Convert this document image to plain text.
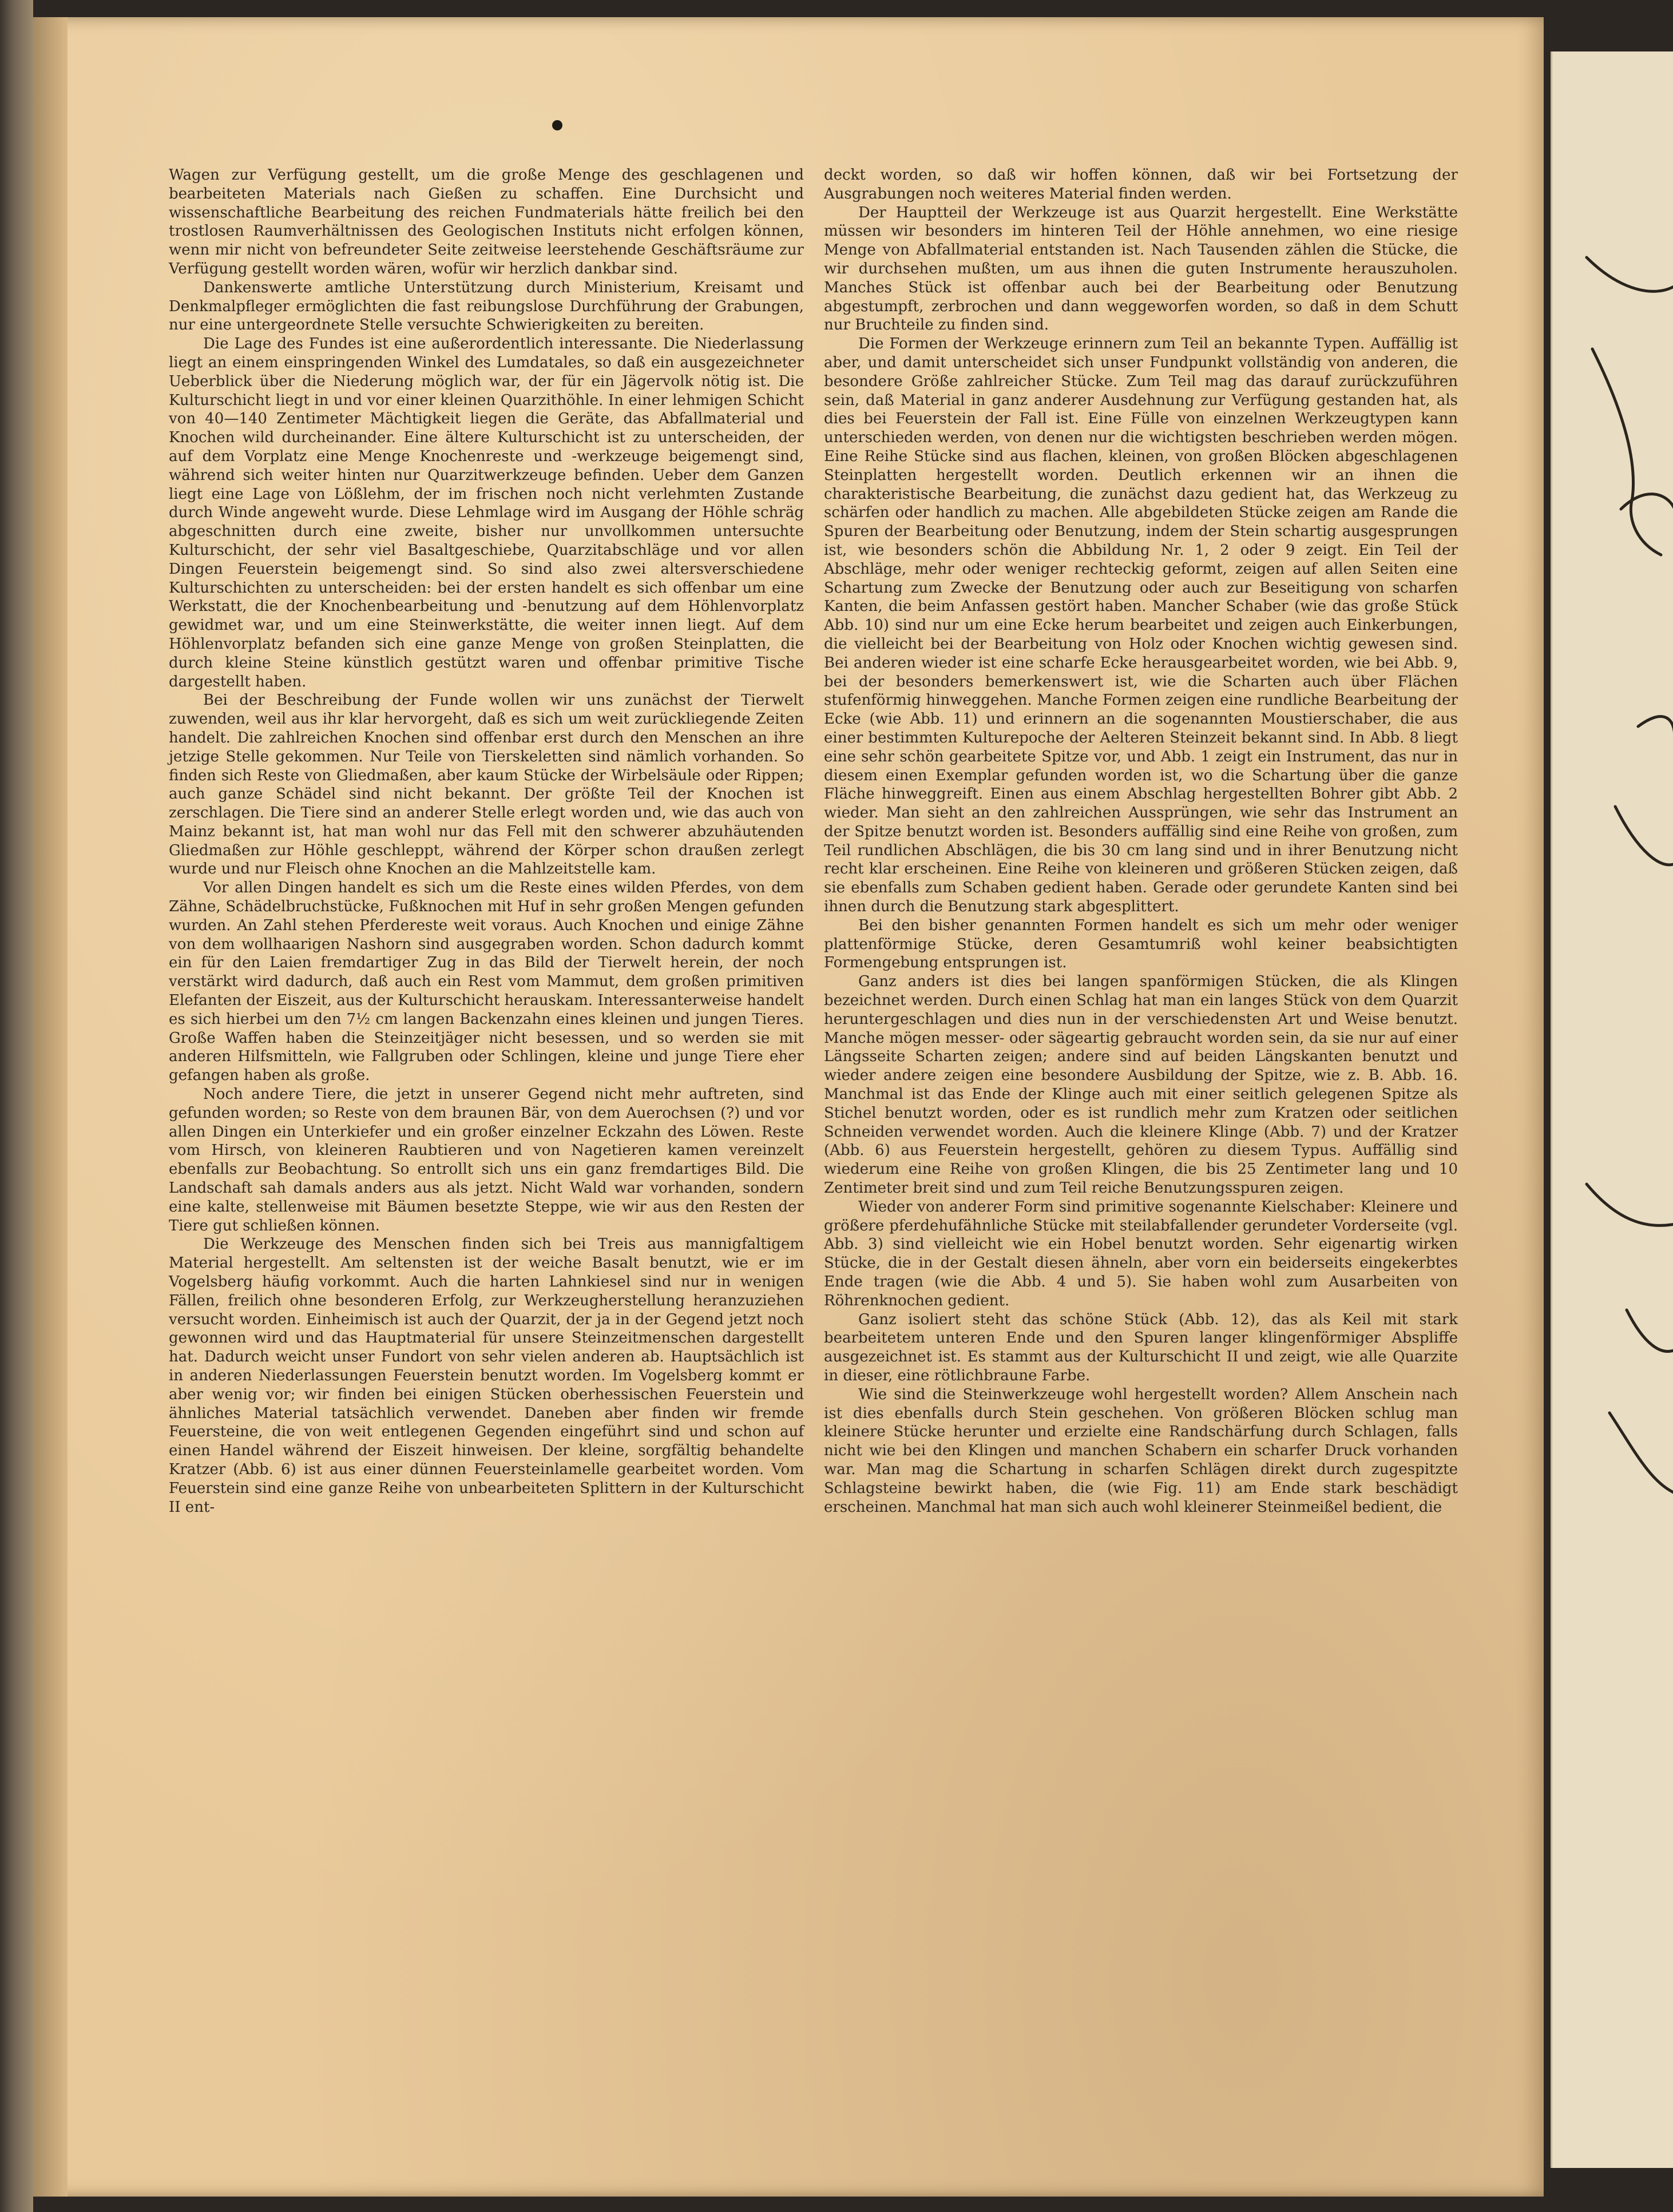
Wagen zur Verfügung gestellt, um die große Menge des geschlagenen und bearbeiteten Materials nach Gießen zu schaffen. Eine Durchsicht und wissenschaftliche Bearbeitung des reichen Fundmaterials hätte freilich bei den trostlosen Raumverhältnissen des Geologischen Instituts nicht erfolgen können, wenn mir nicht von befreundeter Seite zeitweise leerstehende Geschäftsräume zur Verfügung gestellt worden wären, wofür wir herzlich dankbar sind.

Dankenswerte amtliche Unterstützung durch Ministerium, Kreisamt und Denkmalpfleger ermöglichten die fast reibungslose Durchführung der Grabungen, nur eine untergeordnete Stelle versuchte Schwierigkeiten zu bereiten.

Die Lage des Fundes ist eine außerordentlich interessante. Die Niederlassung liegt an einem einspringenden Winkel des Lumdatales, so daß ein ausgezeichneter Ueberblick über die Niederung möglich war, der für ein Jägervolk nötig ist. Die Kulturschicht liegt in und vor einer kleinen Quarzithöhle. In einer lehmigen Schicht von 40—140 Zentimeter Mächtigkeit liegen die Geräte, das Abfallmaterial und Knochen wild durcheinander. Eine ältere Kulturschicht ist zu unterscheiden, der auf dem Vorplatz eine Menge Knochenreste und -werkzeuge beigemengt sind, während sich weiter hinten nur Quarzitwerkzeuge befinden. Ueber dem Ganzen liegt eine Lage von Lößlehm, der im frischen noch nicht verlehmten Zustande durch Winde angeweht wurde. Diese Lehmlage wird im Ausgang der Höhle schräg abgeschnitten durch eine zweite, bisher nur unvollkommen untersuchte Kulturschicht, der sehr viel Basaltgeschiebe, Quarzitabschläge und vor allen Dingen Feuerstein beigemengt sind. So sind also zwei altersverschiedene Kulturschichten zu unterscheiden: bei der ersten handelt es sich offenbar um eine Werkstatt, die der Knochenbearbeitung und -benutzung auf dem Höhlenvorplatz gewidmet war, und um eine Steinwerkstätte, die weiter innen liegt. Auf dem Höhlenvorplatz befanden sich eine ganze Menge von großen Steinplatten, die durch kleine Steine künstlich gestützt waren und offenbar primitive Tische dargestellt haben.

Bei der Beschreibung der Funde wollen wir uns zunächst der Tierwelt zuwenden, weil aus ihr klar hervorgeht, daß es sich um weit zurückliegende Zeiten handelt. Die zahlreichen Knochen sind offenbar erst durch den Menschen an ihre jetzige Stelle gekommen. Nur Teile von Tierskeletten sind nämlich vorhanden. So finden sich Reste von Gliedmaßen, aber kaum Stücke der Wirbelsäule oder Rippen; auch ganze Schädel sind nicht bekannt. Der größte Teil der Knochen ist zerschlagen. Die Tiere sind an anderer Stelle erlegt worden und, wie das auch von Mainz bekannt ist, hat man wohl nur das Fell mit den schwerer abzuhäutenden Gliedmaßen zur Höhle geschleppt, während der Körper schon draußen zerlegt wurde und nur Fleisch ohne Knochen an die Mahlzeitstelle kam.

Vor allen Dingen handelt es sich um die Reste eines wilden Pferdes, von dem Zähne, Schädelbruchstücke, Fußknochen mit Huf in sehr großen Mengen gefunden wurden. An Zahl stehen Pferdereste weit voraus. Auch Knochen und einige Zähne von dem wollhaarigen Nashorn sind ausgegraben worden. Schon dadurch kommt ein für den Laien fremdartiger Zug in das Bild der Tierwelt herein, der noch verstärkt wird dadurch, daß auch ein Rest vom Mammut, dem großen primitiven Elefanten der Eiszeit, aus der Kulturschicht herauskam. Interessanterweise handelt es sich hierbei um den 7½ cm langen Backenzahn eines kleinen und jungen Tieres. Große Waffen haben die Steinzeitjäger nicht besessen, und so werden sie mit anderen Hilfsmitteln, wie Fallgruben oder Schlingen, kleine und junge Tiere eher gefangen haben als große.

Noch andere Tiere, die jetzt in unserer Gegend nicht mehr auftreten, sind gefunden worden; so Reste von dem braunen Bär, von dem Auerochsen (?) und vor allen Dingen ein Unterkiefer und ein großer einzelner Eckzahn des Löwen. Reste vom Hirsch, von kleineren Raubtieren und von Nagetieren kamen vereinzelt ebenfalls zur Beobachtung. So entrollt sich uns ein ganz fremdartiges Bild. Die Landschaft sah damals anders aus als jetzt. Nicht Wald war vorhanden, sondern eine kalte, stellenweise mit Bäumen besetzte Steppe, wie wir aus den Resten der Tiere gut schließen können.

Die Werkzeuge des Menschen finden sich bei Treis aus mannigfaltigem Material hergestellt. Am seltensten ist der weiche Basalt benutzt, wie er im Vogelsberg häufig vorkommt. Auch die harten Lahnkiesel sind nur in wenigen Fällen, freilich ohne besonderen Erfolg, zur Werkzeugherstellung heranzuziehen versucht worden. Einheimisch ist auch der Quarzit, der ja in der Gegend jetzt noch gewonnen wird und das Hauptmaterial für unsere Steinzeitmenschen dargestellt hat. Dadurch weicht unser Fundort von sehr vielen anderen ab. Hauptsächlich ist in anderen Niederlassungen Feuerstein benutzt worden. Im Vogelsberg kommt er aber wenig vor; wir finden bei einigen Stücken oberhessischen Feuerstein und ähnliches Material tatsächlich verwendet. Daneben aber finden wir fremde Feuersteine, die von weit entlegenen Gegenden eingeführt sind und schon auf einen Handel während der Eiszeit hinweisen. Der kleine, sorgfältig behandelte Kratzer (Abb. 6) ist aus einer dünnen Feuersteinlamelle gearbeitet worden. Vom Feuerstein sind eine ganze Reihe von unbearbeiteten Splittern in der Kulturschicht II ent-

deckt worden, so daß wir hoffen können, daß wir bei Fortsetzung der Ausgrabungen noch weiteres Material finden werden.

Der Hauptteil der Werkzeuge ist aus Quarzit hergestellt. Eine Werkstätte müssen wir besonders im hinteren Teil der Höhle annehmen, wo eine riesige Menge von Abfallmaterial entstanden ist. Nach Tausenden zählen die Stücke, die wir durchsehen mußten, um aus ihnen die guten Instrumente herauszuholen. Manches Stück ist offenbar auch bei der Bearbeitung oder Benutzung abgestumpft, zerbrochen und dann weggeworfen worden, so daß in dem Schutt nur Bruchteile zu finden sind.

Die Formen der Werkzeuge erinnern zum Teil an bekannte Typen. Auffällig ist aber, und damit unterscheidet sich unser Fundpunkt vollständig von anderen, die besondere Größe zahlreicher Stücke. Zum Teil mag das darauf zurückzuführen sein, daß Material in ganz anderer Ausdehnung zur Verfügung gestanden hat, als dies bei Feuerstein der Fall ist. Eine Fülle von einzelnen Werkzeugtypen kann unterschieden werden, von denen nur die wichtigsten beschrieben werden mögen. Eine Reihe Stücke sind aus flachen, kleinen, von großen Blöcken abgeschlagenen Steinplatten hergestellt worden. Deutlich erkennen wir an ihnen die charakteristische Bearbeitung, die zunächst dazu gedient hat, das Werkzeug zu schärfen oder handlich zu machen. Alle abgebildeten Stücke zeigen am Rande die Spuren der Bearbeitung oder Benutzung, indem der Stein schartig ausgesprungen ist, wie besonders schön die Abbildung Nr. 1, 2 oder 9 zeigt. Ein Teil der Abschläge, mehr oder weniger rechteckig geformt, zeigen auf allen Seiten eine Schartung zum Zwecke der Benutzung oder auch zur Beseitigung von scharfen Kanten, die beim Anfassen gestört haben. Mancher Schaber (wie das große Stück Abb. 10) sind nur um eine Ecke herum bearbeitet und zeigen auch Einkerbungen, die vielleicht bei der Bearbeitung von Holz oder Knochen wichtig gewesen sind. Bei anderen wieder ist eine scharfe Ecke herausgearbeitet worden, wie bei Abb. 9, bei der besonders bemerkenswert ist, wie die Scharten auch über Flächen stufenförmig hinweggehen. Manche Formen zeigen eine rundliche Bearbeitung der Ecke (wie Abb. 11) und erinnern an die sogenannten Moustierschaber, die aus einer bestimmten Kulturepoche der Aelteren Steinzeit bekannt sind. In Abb. 8 liegt eine sehr schön gearbeitete Spitze vor, und Abb. 1 zeigt ein Instrument, das nur in diesem einen Exemplar gefunden worden ist, wo die Schartung über die ganze Fläche hinweggreift. Einen aus einem Abschlag hergestellten Bohrer gibt Abb. 2 wieder. Man sieht an den zahlreichen Aussprüngen, wie sehr das Instrument an der Spitze benutzt worden ist. Besonders auffällig sind eine Reihe von großen, zum Teil rundlichen Abschlägen, die bis 30 cm lang sind und in ihrer Benutzung nicht recht klar erscheinen. Eine Reihe von kleineren und größeren Stücken zeigen, daß sie ebenfalls zum Schaben gedient haben. Gerade oder gerundete Kanten sind bei ihnen durch die Benutzung stark abgesplittert.

Bei den bisher genannten Formen handelt es sich um mehr oder weniger plattenförmige Stücke, deren Gesamtumriß wohl keiner beabsichtigten Formengebung entsprungen ist.

Ganz anders ist dies bei langen spanförmigen Stücken, die als Klingen bezeichnet werden. Durch einen Schlag hat man ein langes Stück von dem Quarzit heruntergeschlagen und dies nun in der verschiedensten Art und Weise benutzt. Manche mögen messer- oder sägeartig gebraucht worden sein, da sie nur auf einer Längsseite Scharten zeigen; andere sind auf beiden Längskanten benutzt und wieder andere zeigen eine besondere Ausbildung der Spitze, wie z. B. Abb. 16. Manchmal ist das Ende der Klinge auch mit einer seitlich gelegenen Spitze als Stichel benutzt worden, oder es ist rundlich mehr zum Kratzen oder seitlichen Schneiden verwendet worden. Auch die kleinere Klinge (Abb. 7) und der Kratzer (Abb. 6) aus Feuerstein hergestellt, gehören zu diesem Typus. Auffällig sind wiederum eine Reihe von großen Klingen, die bis 25 Zentimeter lang und 10 Zentimeter breit sind und zum Teil reiche Benutzungsspuren zeigen.

Wieder von anderer Form sind primitive sogenannte Kielschaber: Kleinere und größere pferdehufähnliche Stücke mit steilabfallender gerundeter Vorderseite (vgl. Abb. 3) sind vielleicht wie ein Hobel benutzt worden. Sehr eigenartig wirken Stücke, die in der Gestalt diesen ähneln, aber vorn ein beiderseits eingekerbtes Ende tragen (wie die Abb. 4 und 5). Sie haben wohl zum Ausarbeiten von Röhrenknochen gedient.

Ganz isoliert steht das schöne Stück (Abb. 12), das als Keil mit stark bearbeitetem unteren Ende und den Spuren langer klingenförmiger Abspliffe ausgezeichnet ist. Es stammt aus der Kulturschicht II und zeigt, wie alle Quarzite in dieser, eine rötlichbraune Farbe.

Wie sind die Steinwerkzeuge wohl hergestellt worden? Allem Anschein nach ist dies ebenfalls durch Stein geschehen. Von größeren Blöcken schlug man kleinere Stücke herunter und erzielte eine Randschärfung durch Schlagen, falls nicht wie bei den Klingen und manchen Schabern ein scharfer Druck vorhanden war. Man mag die Schartung in scharfen Schlägen direkt durch zugespitzte Schlagsteine bewirkt haben, die (wie Fig. 11) am Ende stark beschädigt erscheinen. Manchmal hat man sich auch wohl kleinerer Steinmeißel bedient, die
